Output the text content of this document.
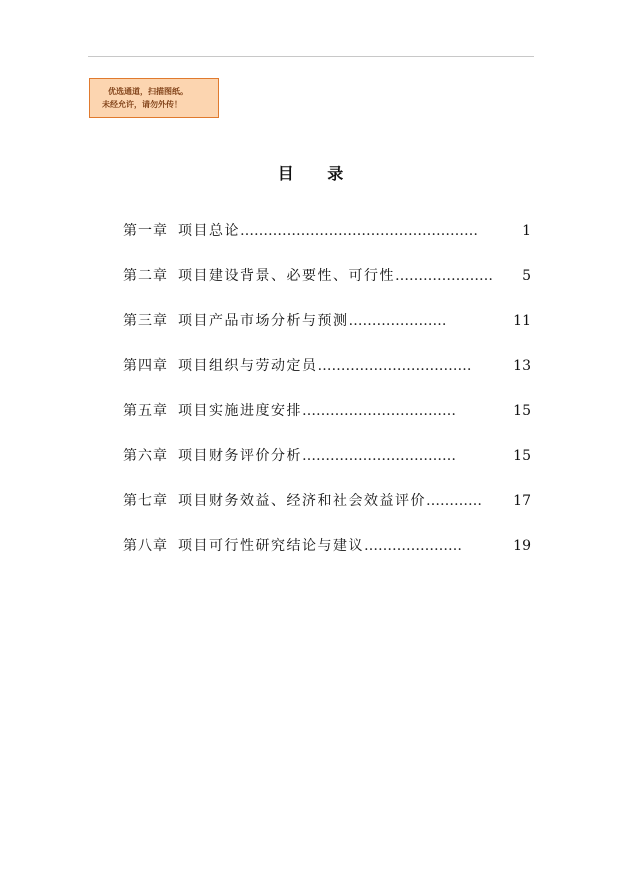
优选通道，扫描图纸。
未经允许，请勿外传！
目 录
第一章 项目总论……………………………………………	1
第二章 项目建设背景、必要性、可行性………………… 5
第三章 项目产品市场分析与预测…………………	11
第四章 项目组织与劳动定员……………………………	13
第五章 项目实施进度安排……………………………	15
第六章 项目财务评价分析……………………………	15
第七章 项目财务效益、经济和社会效益评价………… 17
第八章 项目可行性研究结论与建议…………………	19
